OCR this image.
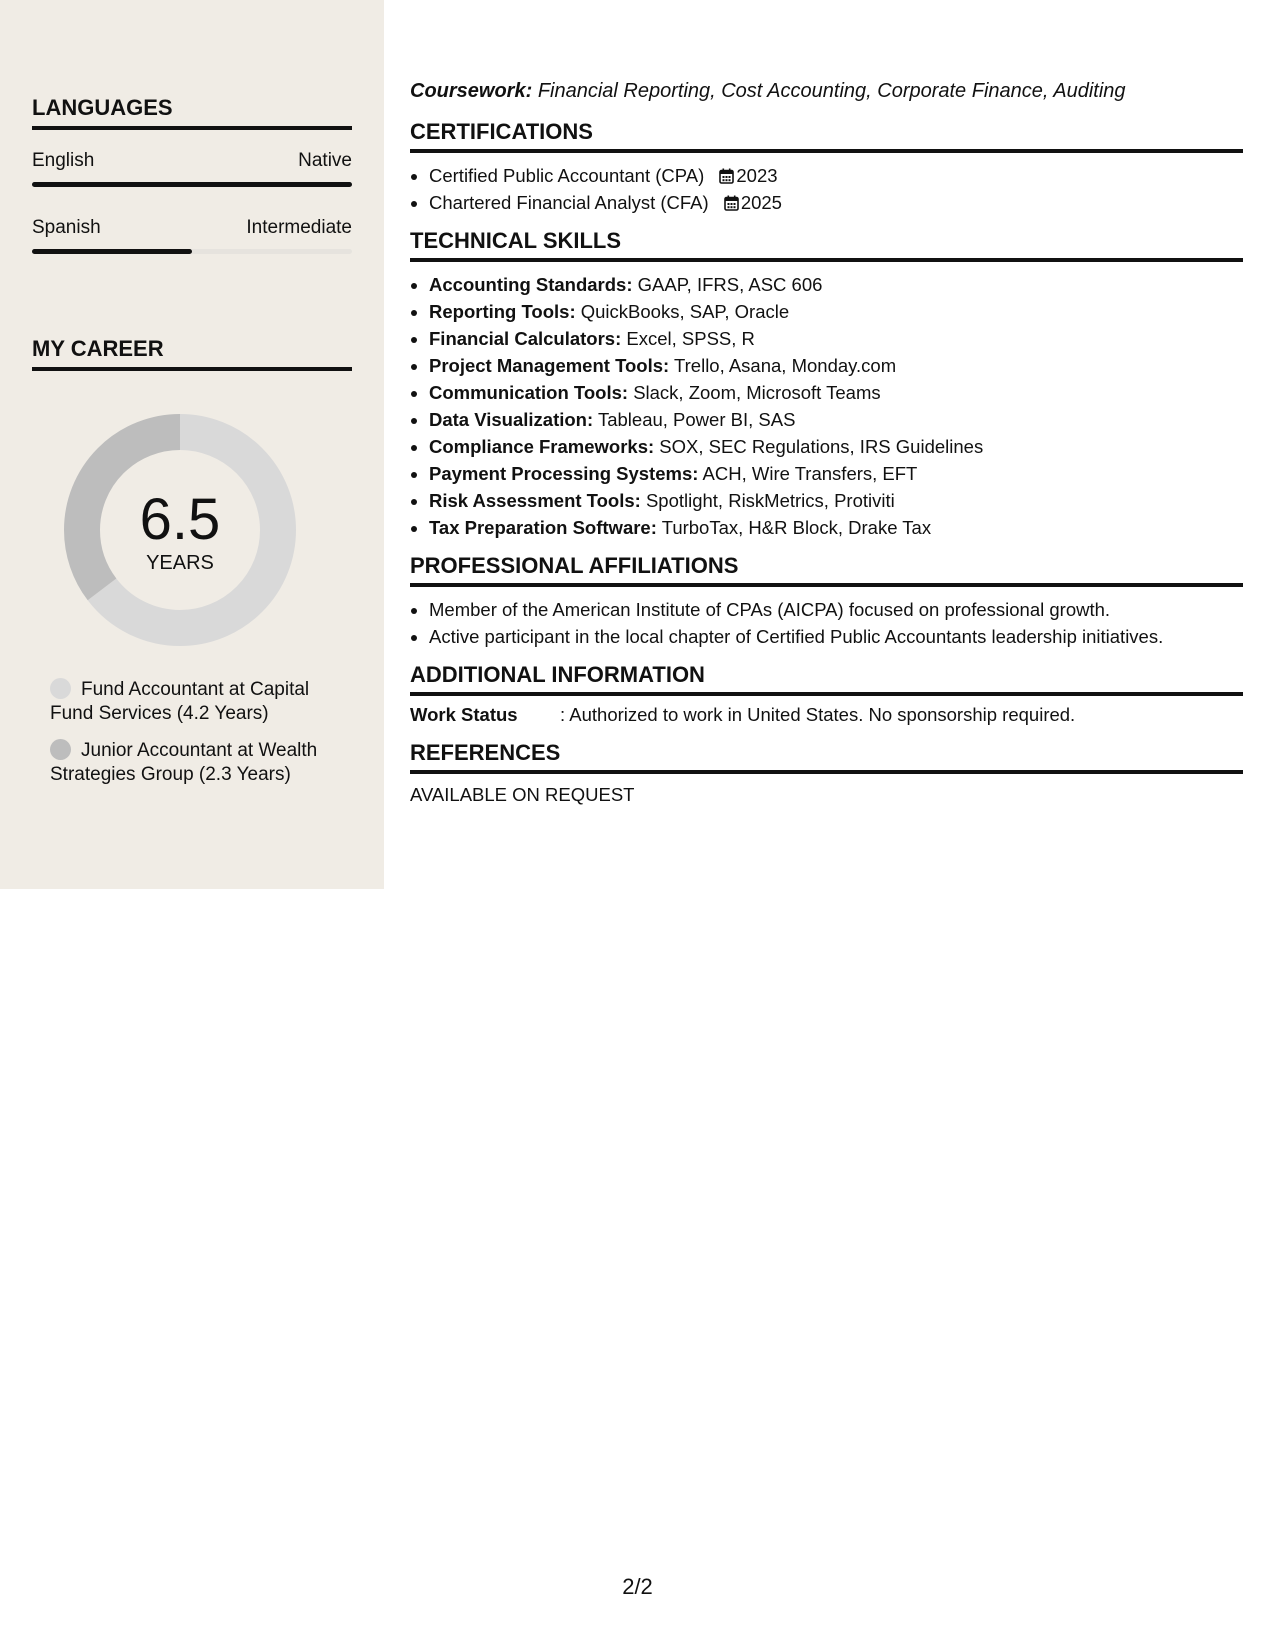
LANGUAGES
English	Native
Spanish	Intermediate
MY CAREER
6.5
YEARS
Fund Accountant at Capital Fund Services (4.2 Years)
Junior Accountant at Wealth Strategies Group (2.3 Years)

Coursework: Financial Reporting, Cost Accounting, Corporate Finance, Auditing

CERTIFICATIONS
• Certified Public Accountant (CPA) 2023
• Chartered Financial Analyst (CFA) 2025
TECHNICAL SKILLS
• Accounting Standards: GAAP, IFRS, ASC 606
• Reporting Tools: QuickBooks, SAP, Oracle
• Financial Calculators: Excel, SPSS, R
• Project Management Tools: Trello, Asana, Monday.com
• Communication Tools: Slack, Zoom, Microsoft Teams
• Data Visualization: Tableau, Power BI, SAS
• Compliance Frameworks: SOX, SEC Regulations, IRS Guidelines
• Payment Processing Systems: ACH, Wire Transfers, EFT
• Risk Assessment Tools: Spotlight, RiskMetrics, Protiviti
• Tax Preparation Software: TurboTax, H&R Block, Drake Tax
PROFESSIONAL AFFILIATIONS
• Member of the American Institute of CPAs (AICPA) focused on professional growth.
• Active participant in the local chapter of Certified Public Accountants leadership initiatives.
ADDITIONAL INFORMATION
Work Status	: Authorized to work in United States. No sponsorship required.
REFERENCES

AVAILABLE ON REQUEST

2/2
